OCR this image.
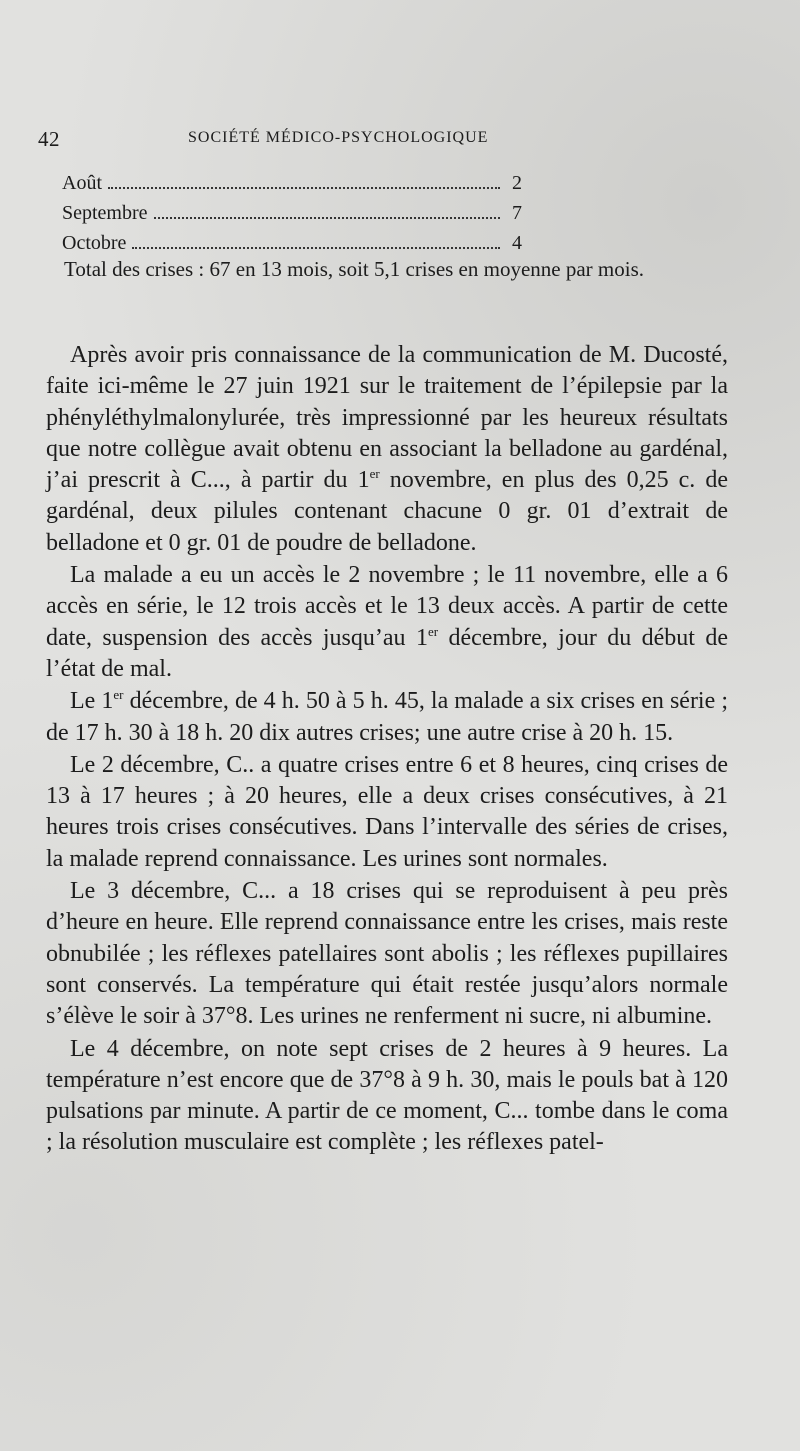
42	SOCIÉTÉ MÉDICO-PSYCHOLOGIQUE
Août	2
Septembre	7
Octobre	4

Total des crises : 67 en 13 mois, soit 5,1 crises en moyenne par mois.

Après avoir pris connaissance de la communication de M. Ducosté, faite ici-même le 27 juin 1921 sur le traitement de l’épilepsie par la phényléthylmalonylurée, très impressionné par les heureux résultats que notre collègue avait obtenu en associant la belladone au gardénal, j’ai prescrit à C..., à partir du 1er novembre, en plus des 0,25 c. de gardénal, deux pilules contenant chacune 0 gr. 01 d’extrait de belladone et 0 gr. 01 de poudre de belladone.

La malade a eu un accès le 2 novembre ; le 11 novembre, elle a 6 accès en série, le 12 trois accès et le 13 deux accès. A partir de cette date, suspension des accès jusqu’au 1er décembre, jour du début de l’état de mal.

Le 1er décembre, de 4 h. 50 à 5 h. 45, la malade a six crises en série ; de 17 h. 30 à 18 h. 20 dix autres crises; une autre crise à 20 h. 15.

Le 2 décembre, C.. a quatre crises entre 6 et 8 heures, cinq crises de 13 à 17 heures ; à 20 heures, elle a deux crises consécutives, à 21 heures trois crises consécutives. Dans l’intervalle des séries de crises, la malade reprend connaissance. Les urines sont normales.

Le 3 décembre, C... a 18 crises qui se reproduisent à peu près d’heure en heure. Elle reprend connaissance entre les crises, mais reste obnubilée ; les réflexes patellaires sont abolis ; les réflexes pupillaires sont conservés. La température qui était restée jusqu’alors normale s’élève le soir à 37°8. Les urines ne renferment ni sucre, ni albumine.

Le 4 décembre, on note sept crises de 2 heures à 9 heures. La température n’est encore que de 37°8 à 9 h. 30, mais le pouls bat à 120 pulsations par minute. A partir de ce moment, C... tombe dans le coma ; la résolution musculaire est complète ; les réflexes patel-
